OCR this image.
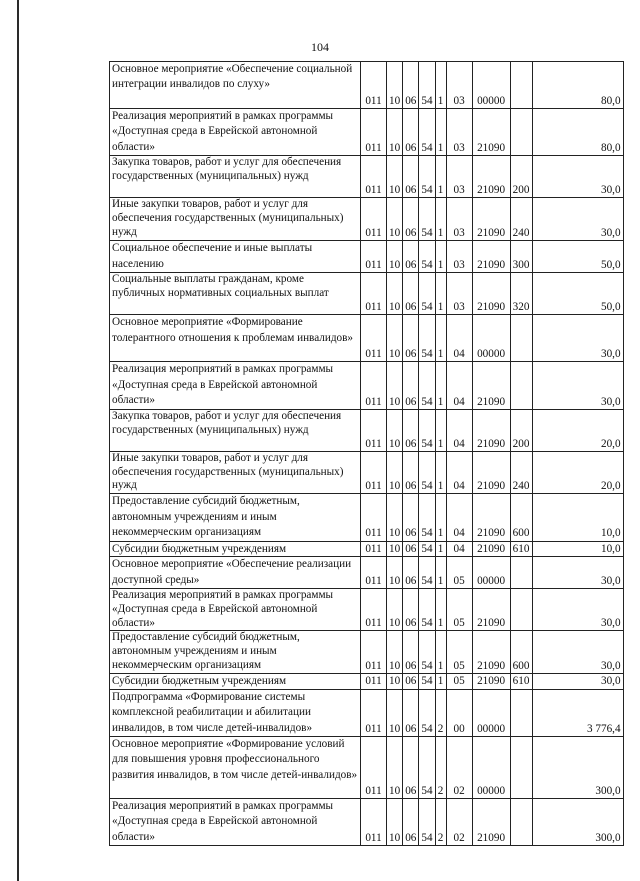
104
Основное мероприятие «Обеспечение социальной интеграции инвалидов по слуху»	011	10	06	54	1	03	00000		80,0
Реализация мероприятий в рамках программы «Доступная среда в Еврейской автономной области»	011	10	06	54	1	03	21090		80,0
Закупка товаров, работ и услуг для обеспечения государственных (муниципальных) нужд	011	10	06	54	1	03	21090	200	30,0
Иные закупки товаров, работ и услуг для обеспечения государственных (муниципальных) нужд	011	10	06	54	1	03	21090	240	30,0
Социальное обеспечение и иные выплаты населению	011	10	06	54	1	03	21090	300	50,0
Социальные выплаты гражданам, кроме публичных нормативных социальных выплат	011	10	06	54	1	03	21090	320	50,0
Основное мероприятие «Формирование толерантного отношения к проблемам инвалидов»	011	10	06	54	1	04	00000		30,0
Реализация мероприятий в рамках программы «Доступная среда в Еврейской автономной области»	011	10	06	54	1	04	21090		30,0
Закупка товаров, работ и услуг для обеспечения государственных (муниципальных) нужд	011	10	06	54	1	04	21090	200	20,0
Иные закупки товаров, работ и услуг для обеспечения государственных (муниципальных) нужд	011	10	06	54	1	04	21090	240	20,0
Предоставление субсидий бюджетным, автономным учреждениям и иным некоммерческим организациям	011	10	06	54	1	04	21090	600	10,0
Субсидии бюджетным учреждениям	011	10	06	54	1	04	21090	610	10,0
Основное мероприятие «Обеспечение реализации доступной среды»	011	10	06	54	1	05	00000		30,0
Реализация мероприятий в рамках программы «Доступная среда в Еврейской автономной области»	011	10	06	54	1	05	21090		30,0
Предоставление субсидий бюджетным, автономным учреждениям и иным некоммерческим организациям	011	10	06	54	1	05	21090	600	30,0
Субсидии бюджетным учреждениям	011	10	06	54	1	05	21090	610	30,0
Подпрограмма «Формирование системы комплексной реабилитации и абилитации инвалидов, в том числе детей-инвалидов»	011	10	06	54	2	00	00000		3 776,4
Основное мероприятие «Формирование условий для повышения уровня профессионального развития инвалидов, в том числе детей-инвалидов»	011	10	06	54	2	02	00000		300,0
Реализация мероприятий в рамках программы «Доступная среда в Еврейской автономной области»	011	10	06	54	2	02	21090		300,0
